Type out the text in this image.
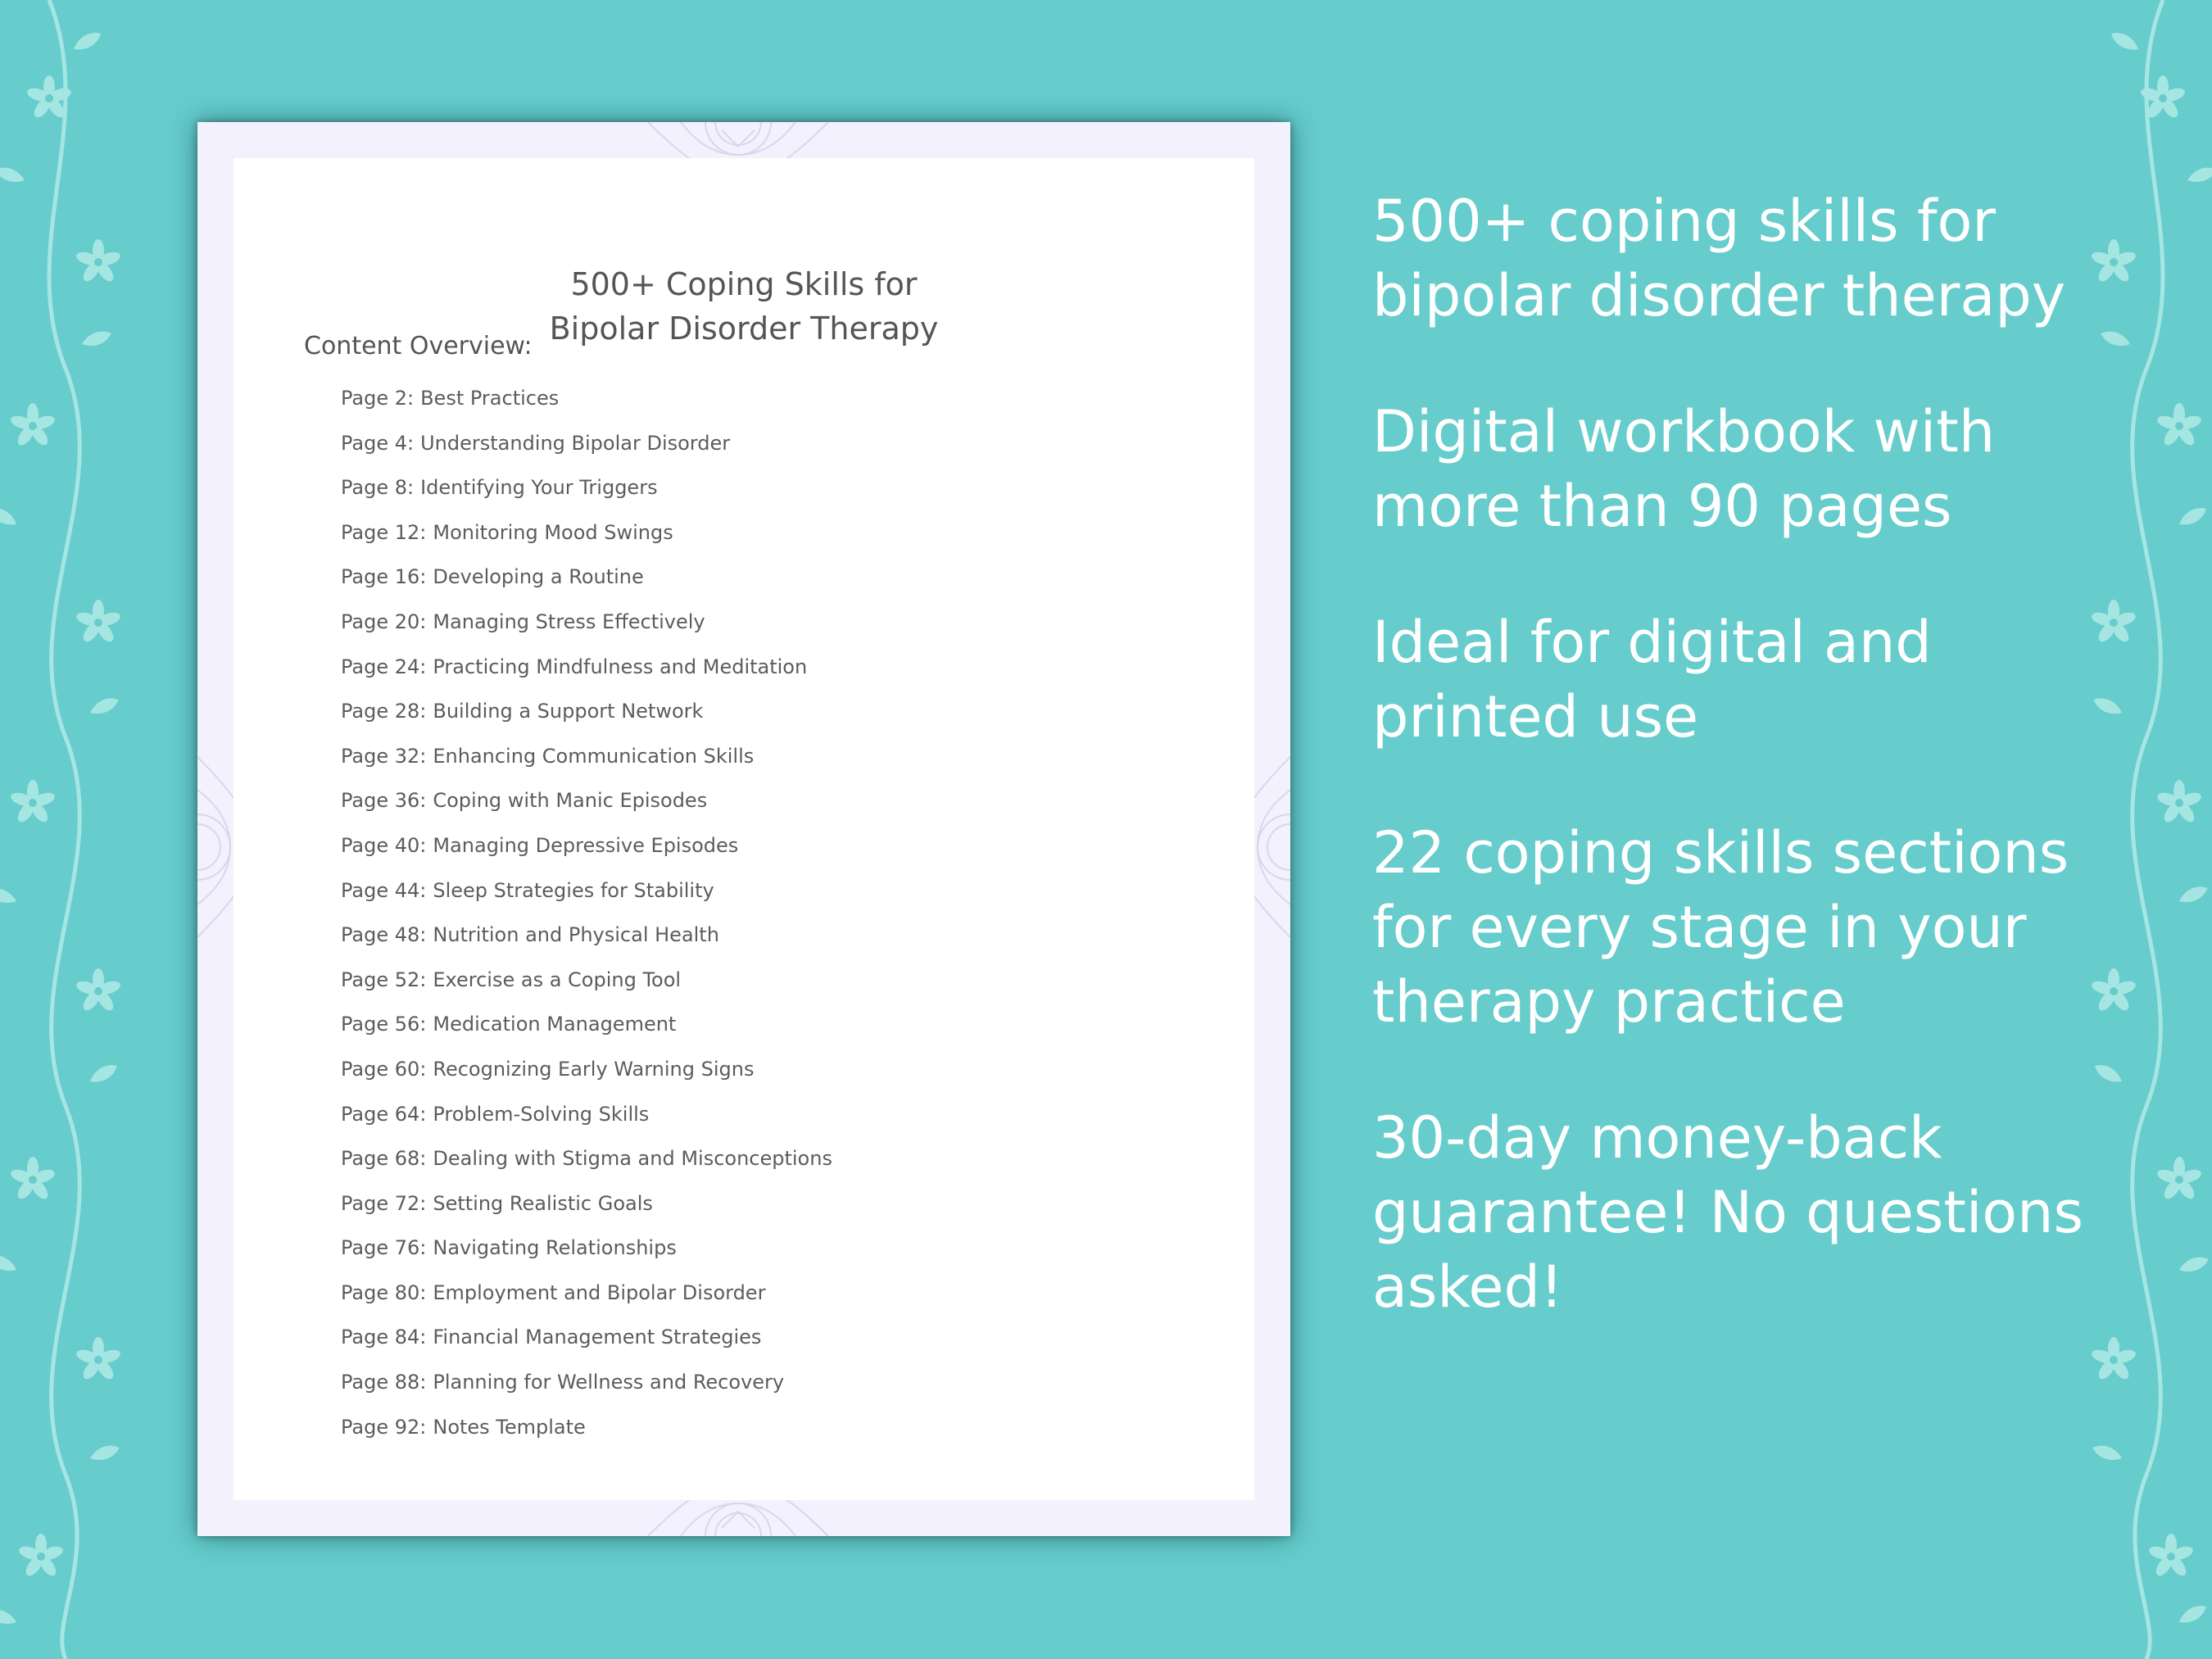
500+ Coping Skills for
Bipolar Disorder Therapy
Content Overview:
Page 2: Best Practices
Page 4: Understanding Bipolar Disorder
Page 8: Identifying Your Triggers
Page 12: Monitoring Mood Swings
Page 16: Developing a Routine
Page 20: Managing Stress Effectively
Page 24: Practicing Mindfulness and Meditation
Page 28: Building a Support Network
Page 32: Enhancing Communication Skills
Page 36: Coping with Manic Episodes
Page 40: Managing Depressive Episodes
Page 44: Sleep Strategies for Stability
Page 48: Nutrition and Physical Health
Page 52: Exercise as a Coping Tool
Page 56: Medication Management
Page 60: Recognizing Early Warning Signs
Page 64: Problem-Solving Skills
Page 68: Dealing with Stigma and Misconceptions
Page 72: Setting Realistic Goals
Page 76: Navigating Relationships
Page 80: Employment and Bipolar Disorder
Page 84: Financial Management Strategies
Page 88: Planning for Wellness and Recovery
Page 92: Notes Template

500+ coping skills for bipolar disorder therapy

Digital workbook with more than 90 pages

Ideal for digital and printed use

22 coping skills sections for every stage in your therapy practice

30-day money-back guarantee! No questions asked!
